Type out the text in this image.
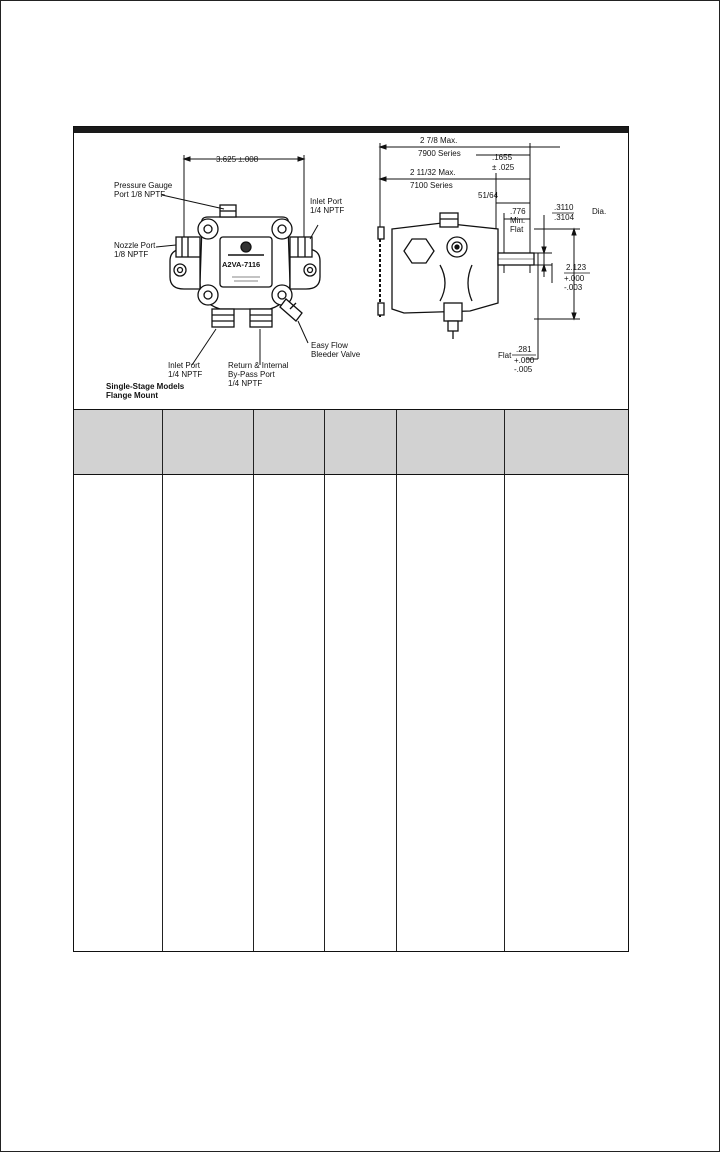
3.625 ±.008
Pressure Gauge
Port 1/8 NPTF
Nozzle Port
1/8 NPTF
Inlet Port
1/4 NPTF
Inlet Port
1/4 NPTF
Return & Internal
By-Pass Port
1/4 NPTF
Easy Flow
Bleeder Valve
A2VA-7116
Single-Stage Models
Flange Mount
2 7/8 Max.
7900 Series
2 11/32 Max.
7100 Series
.1655
± .025
51/64
.776
Min.
Flat
.3110
.3104
Dia.
2.123
+.000
-.003
Flat
.281
+.000
-.005
